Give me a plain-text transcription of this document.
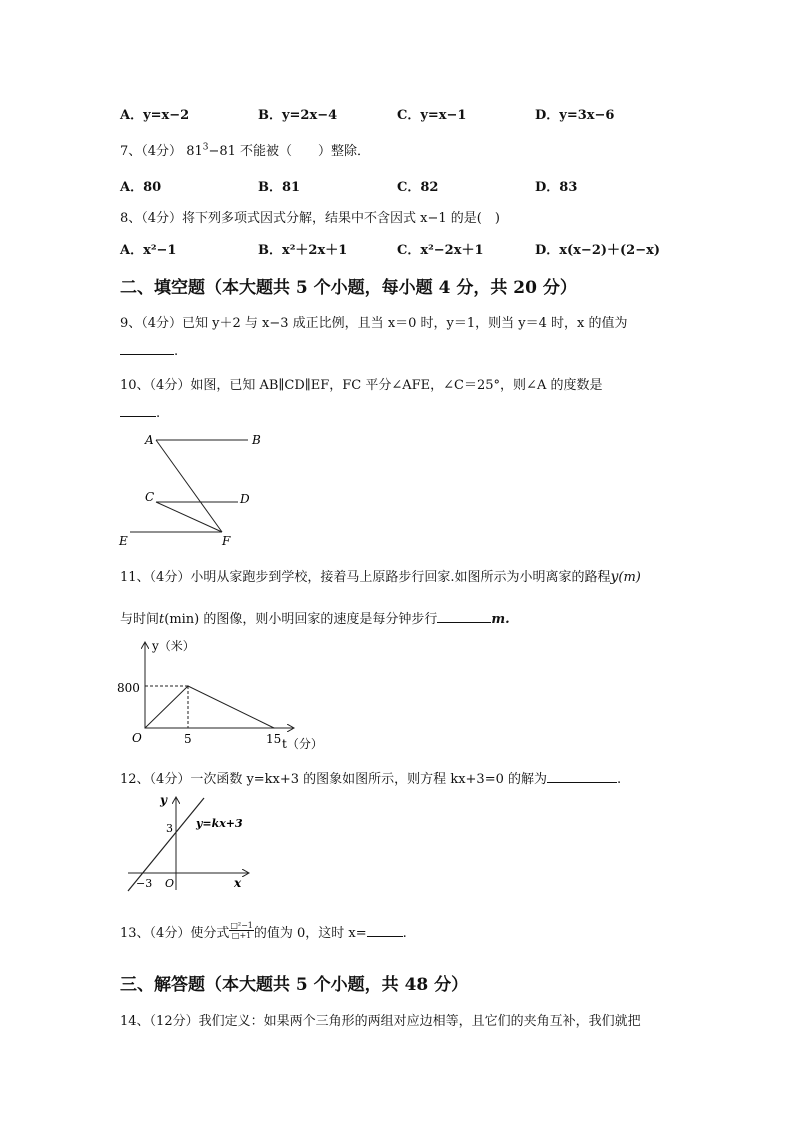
A．y=x−2	B．y=2x−4	C．y=x−1	D．y=3x−6
7、（4分） $81^3-81$ 不能被（　　）整除．
A．80	B．81	C．82	D．83
8、（4分）将下列多项式因式分解，结果中不含因式 x−1 的是(　)
A．x²−1	B．x²＋2x＋1	C．x²−2x＋1	D．x(x−2)＋(2−x)
二、填空题（本大题共 5 个小题，每小题 4 分，共 20 分）
9、（4分）已知 y＋2 与 x−3 成正比例，且当 x＝0 时，y＝1，则当 y＝4 时，x 的值为
.
10、（4分）如图，已知 AB∥CD∥EF，FC 平分∠AFE，∠C＝25°，则∠A 的度数是
.
A	B
C	D
E	F
11、（4分）小明从家跑步到学校，接着马上原路步行回家.如图所示为小明离家的路程y(m)
与时间t(min) 的图像，则小明回家的速度是每分钟步行	m.
y（米）
t（分）
O
800
5	15
12、（4分）一次函数 y=kx+3 的图象如图所示，则方程 kx+3=0 的解为	.
y
x
O
3
−3
y=kx+3
13、（4分）使分式 $\frac{\text{□²−1}}{□+1}$ 的值为 0，这时 x=	.
三、解答题（本大题共 5 个小题，共 48 分）
14、（12分）我们定义：如果两个三角形的两组对应边相等，且它们的夹角互补，我们就把
